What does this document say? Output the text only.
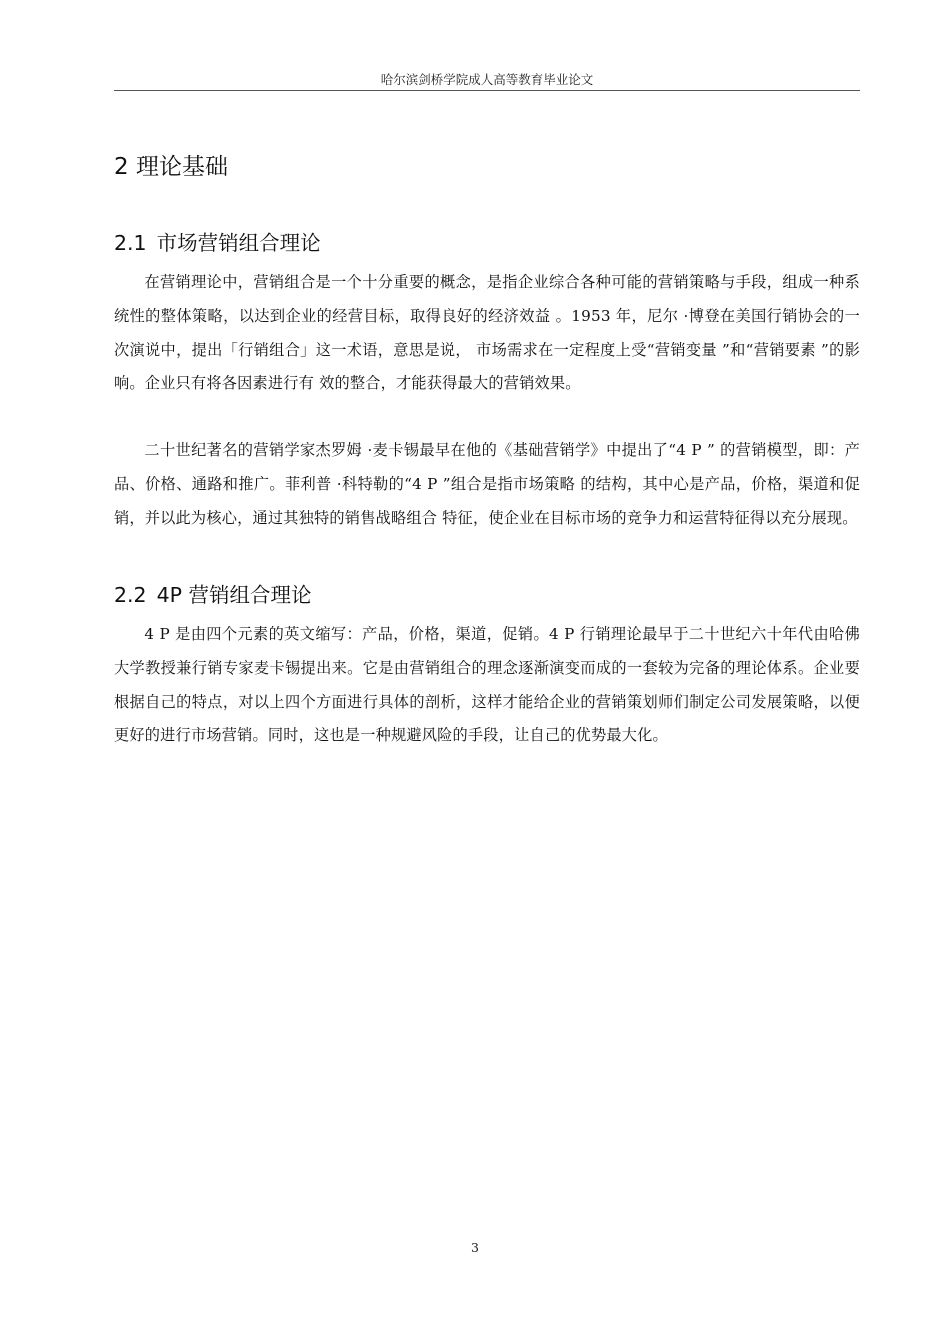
哈尔滨剑桥学院成人高等教育毕业论文
2 理论基础
2.1 市场营销组合理论

在营销理论中，营销组合是一个十分重要的概念，是指企业综合各种可能的营销策略与手段，组成一种系统性的整体策略，以达到企业的经营目标，取得良好的经济效益 。1953 年，尼尔 ·博登在美国行销协会的一次演说中，提出「行销组合」这一术语，意思是说， 市场需求在一定程度上受“营销变量 ”和“营销要素 ”的影响。企业只有将各因素进行有 效的整合，才能获得最大的营销效果。

二十世纪著名的营销学家杰罗姆 ·麦卡锡最早在他的《基础营销学》中提出了“4 P ” 的营销模型，即：产品、价格、通路和推广。菲利普 ·科特勒的“4 P ”组合是指市场策略 的结构，其中心是产品，价格，渠道和促销，并以此为核心，通过其独特的销售战略组合 特征，使企业在目标市场的竞争力和运营特征得以充分展现。

2.2 4P 营销组合理论

4 P 是由四个元素的英文缩写：产品，价格，渠道，促销。4 P 行销理论最早于二十世纪六十年代由哈佛大学教授兼行销专家麦卡锡提出来。它是由营销组合的理念逐渐演变而成的一套较为完备的理论体系。企业要根据自己的特点，对以上四个方面进行具体的剖析，这样才能给企业的营销策划师们制定公司发展策略，以便更好的进行市场营销。同时，这也是一种规避风险的手段，让自己的优势最大化。

3
